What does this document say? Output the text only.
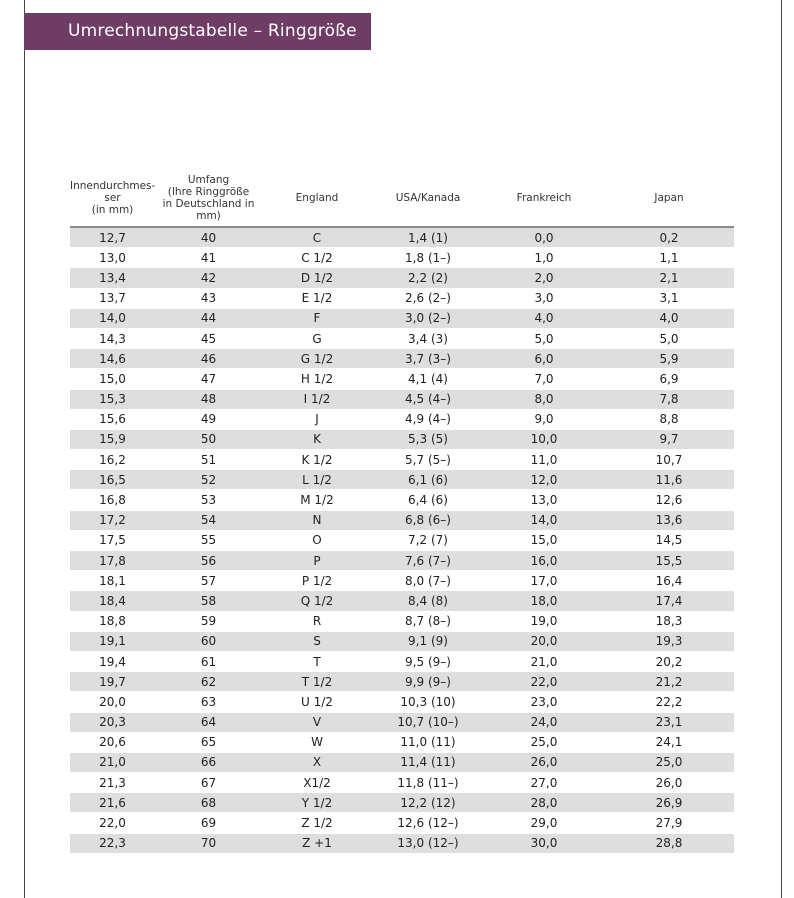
Umrechnungstabelle – Ringgröße
Innendurchmes-
ser
(in mm)	Umfang
(Ihre Ringgröße
in Deutschland in
mm)	England	USA/Kanada	Frankreich	Japan
12,7	40	C	1,4 (1)	0,0	0,2
13,0	41	C 1/2	1,8 (1–)	1,0	1,1
13,4	42	D 1/2	2,2 (2)	2,0	2,1
13,7	43	E 1/2	2,6 (2–)	3,0	3,1
14,0	44	F	3,0 (2–)	4,0	4,0
14,3	45	G	3,4 (3)	5,0	5,0
14,6	46	G 1/2	3,7 (3–)	6,0	5,9
15,0	47	H 1/2	4,1 (4)	7,0	6,9
15,3	48	I 1/2	4,5 (4–)	8,0	7,8
15,6	49	J	4,9 (4–)	9,0	8,8
15,9	50	K	5,3 (5)	10,0	9,7
16,2	51	K 1/2	5,7 (5–)	11,0	10,7
16,5	52	L 1/2	6,1 (6)	12,0	11,6
16,8	53	M 1/2	6,4 (6)	13,0	12,6
17,2	54	N	6,8 (6–)	14,0	13,6
17,5	55	O	7,2 (7)	15,0	14,5
17,8	56	P	7,6 (7–)	16,0	15,5
18,1	57	P 1/2	8,0 (7–)	17,0	16,4
18,4	58	Q 1/2	8,4 (8)	18,0	17,4
18,8	59	R	8,7 (8–)	19,0	18,3
19,1	60	S	9,1 (9)	20,0	19,3
19,4	61	T	9,5 (9–)	21,0	20,2
19,7	62	T 1/2	9,9 (9–)	22,0	21,2
20,0	63	U 1/2	10,3 (10)	23,0	22,2
20,3	64	V	10,7 (10–)	24,0	23,1
20,6	65	W	11,0 (11)	25,0	24,1
21,0	66	X	11,4 (11)	26,0	25,0
21,3	67	X1/2	11,8 (11–)	27,0	26,0
21,6	68	Y 1/2	12,2 (12)	28,0	26,9
22,0	69	Z 1/2	12,6 (12–)	29,0	27,9
22,3	70	Z +1	13,0 (12–)	30,0	28,8
